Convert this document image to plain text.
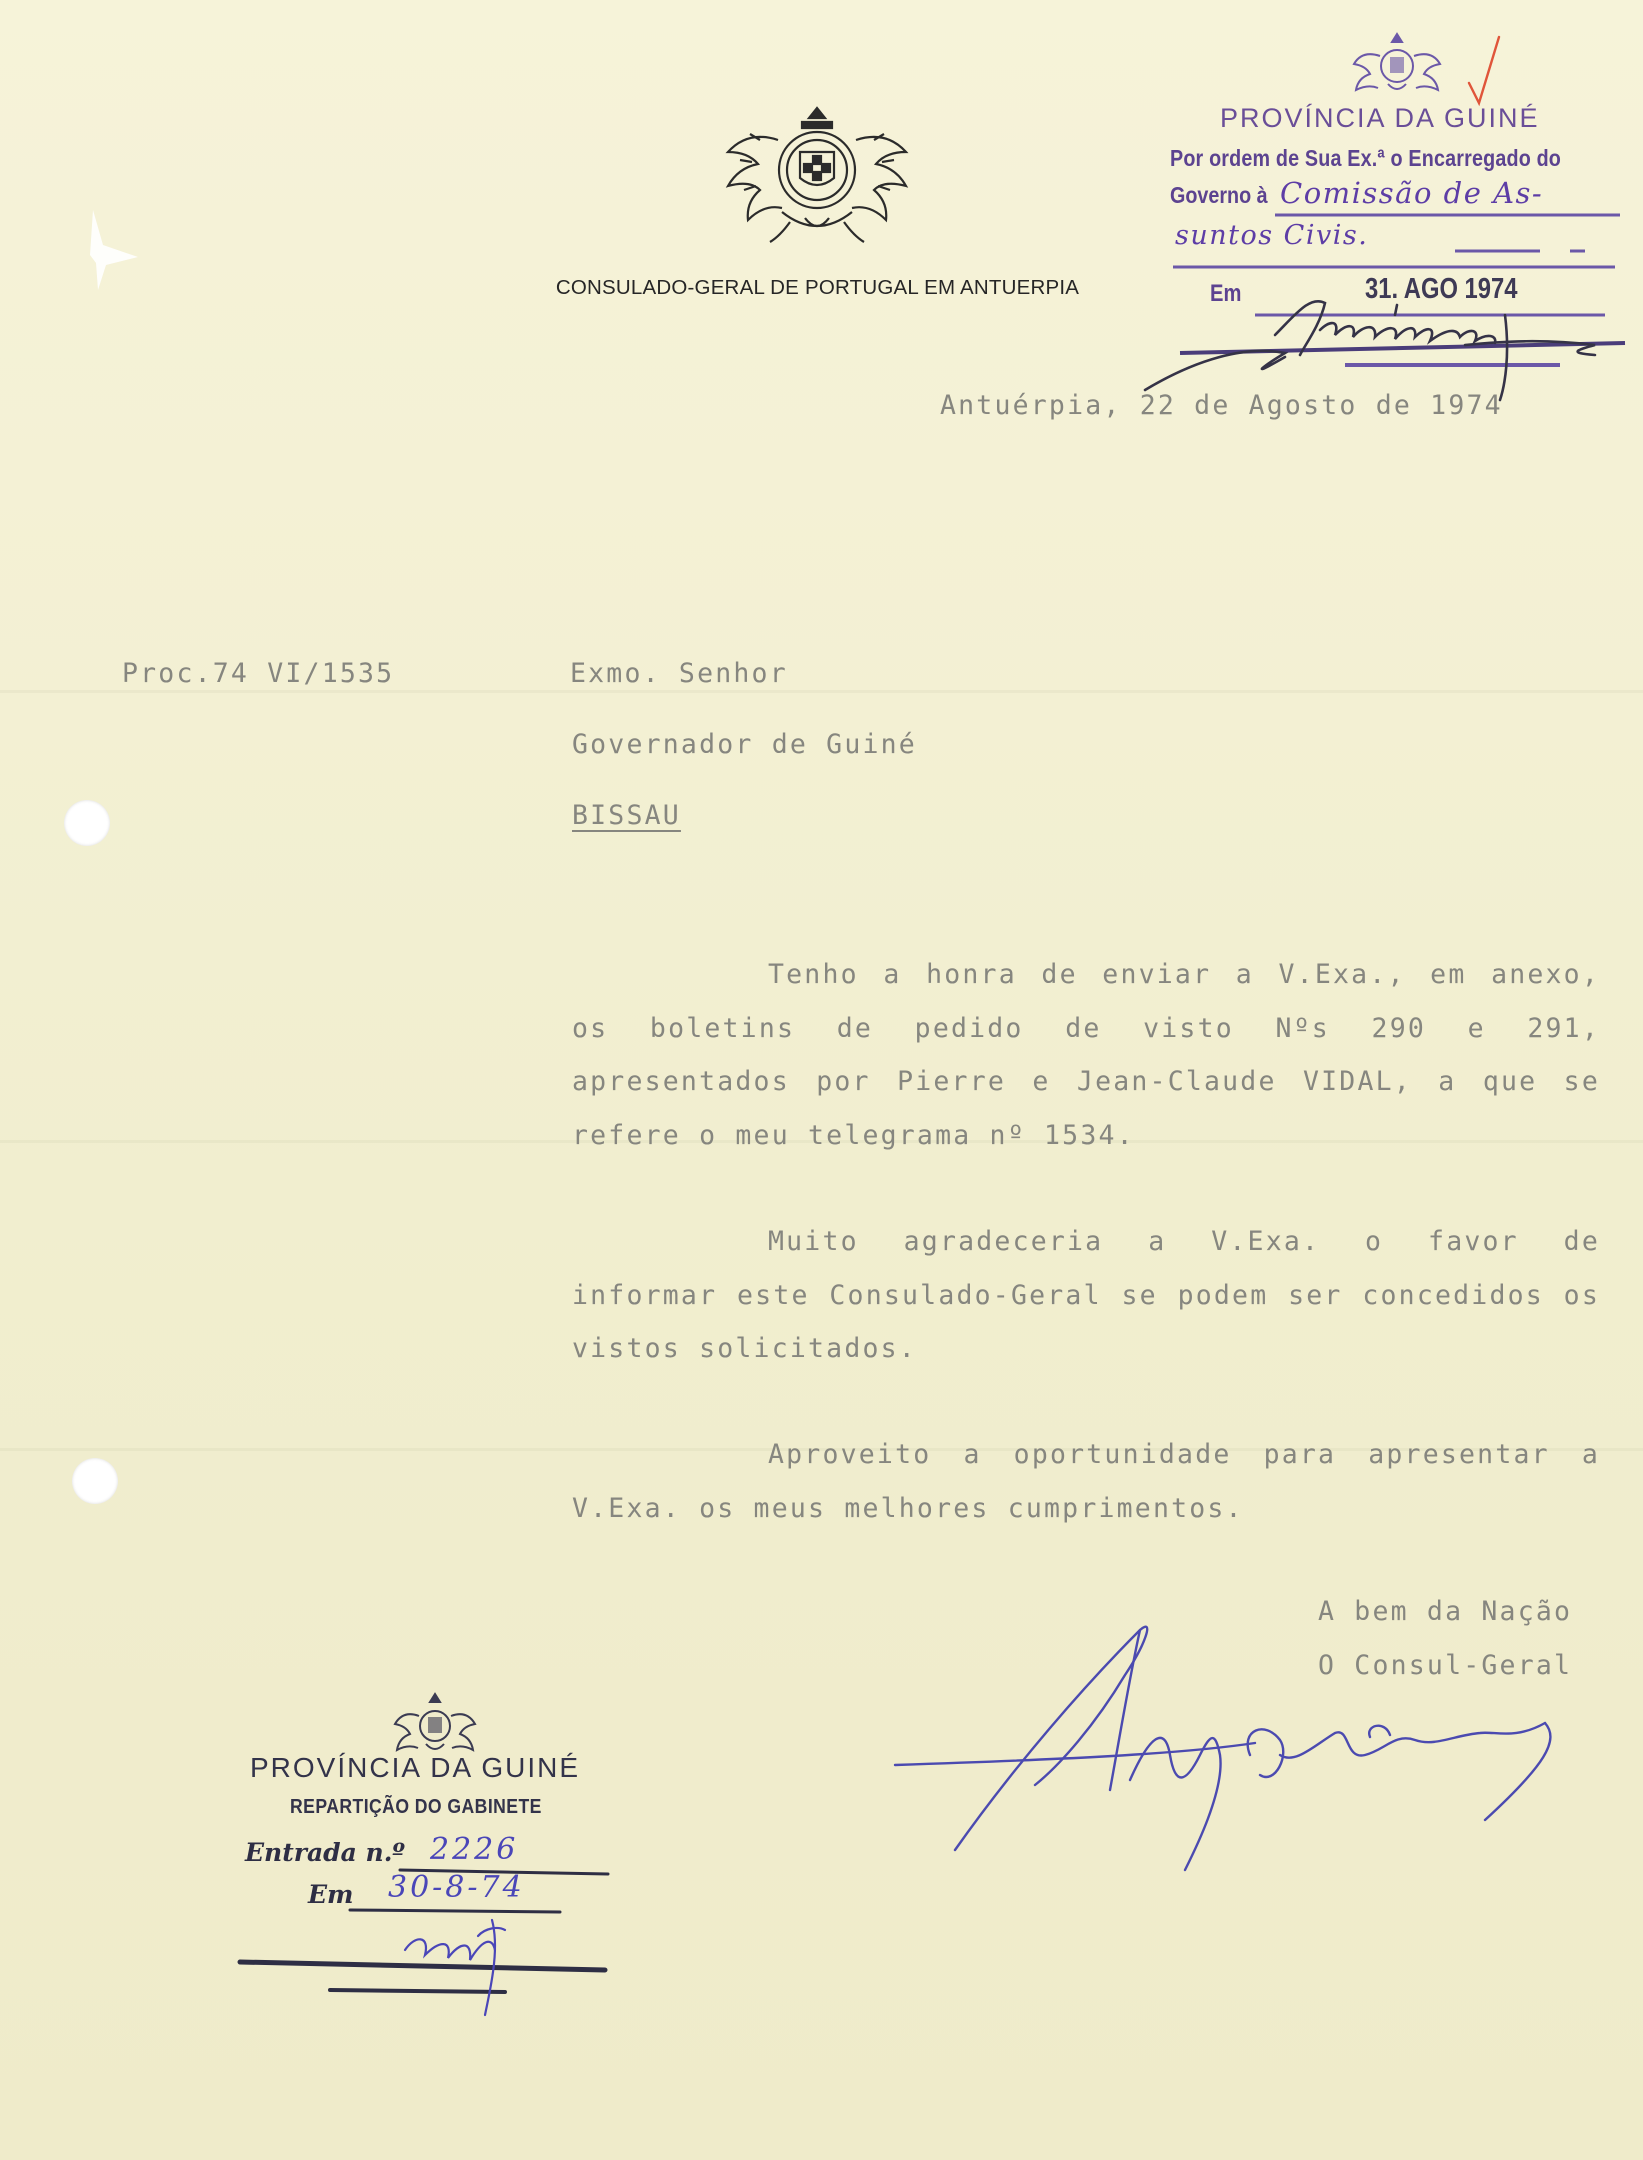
CONSULADO-GERAL DE PORTUGAL EM ANTUERPIA
Antuérpia, 22 de Agosto de 1974
Proc.74 VI/1535	Exmo. Senhor
Governador de Guiné
BISSAU
Tenho a honra de enviar a V.Exa., em anexo, os boletins de pedido de visto Nºs 290 e 291, apresentados por Pierre e Jean-Claude VIDAL, a que se refere o meu telegrama nº 1534.
Muito agradeceria a V.Exa. o favor de informar este Consulado-Geral se podem ser concedidos os vistos solicitados.
Aproveito a oportunidade para apresentar a V.Exa. os meus melhores cumprimentos.
A bem da Nação
O Consul-Geral
PROVÍNCIA DA GUINÉ
Por ordem de Sua Ex.ª o Encarregado do
Governo à Comissão de As-
suntos Civis.
Em	31. AGO 1974
PROVÍNCIA DA GUINÉ
REPARTIÇÃO DO GABINETE
Entrada n.º 2226
Em 30-8-74
